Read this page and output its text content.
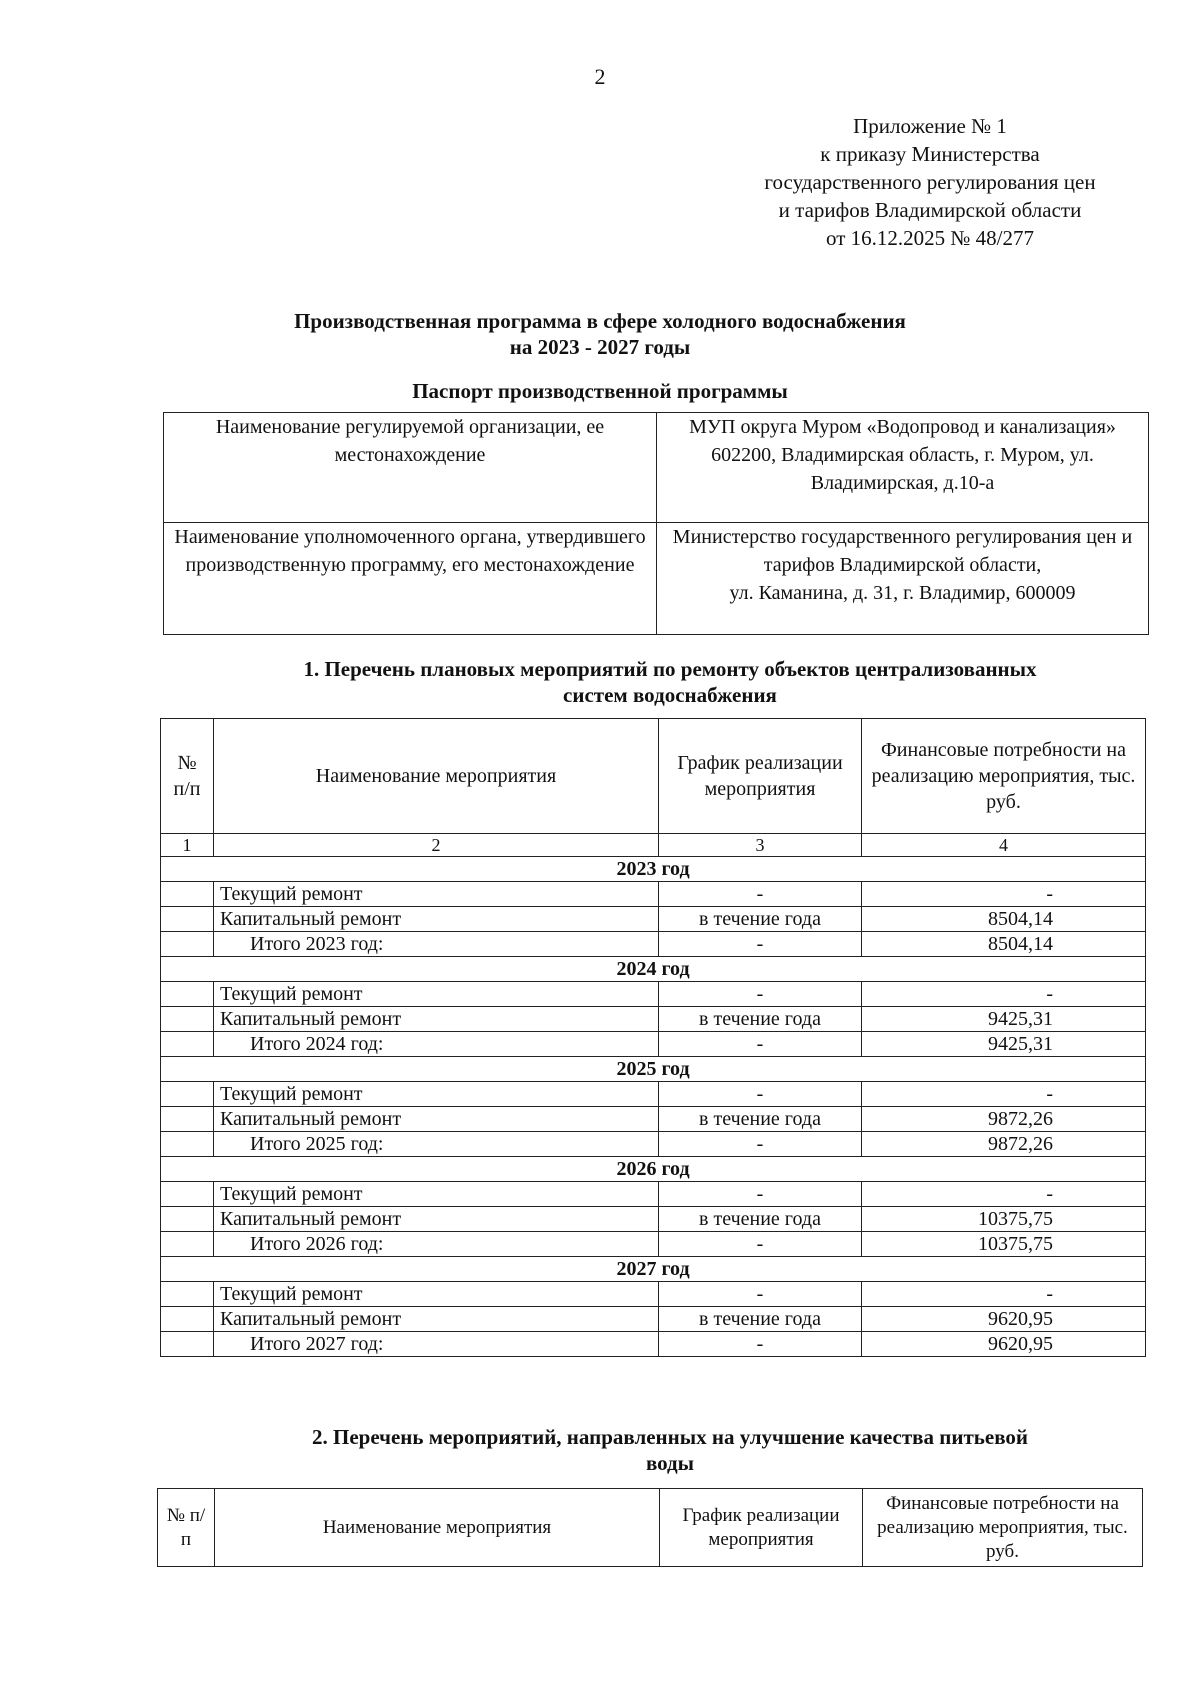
2
Приложение № 1
к приказу Министерства
государственного регулирования цен
и тарифов Владимирской области
от 16.12.2025 № 48/277
Производственная программа в сфере холодного водоснабжения
на 2023 - 2027 годы
Паспорт производственной программы
Наименование регулируемой организации, ее местонахождение	МУП округа Муром «Водопровод и канализация»
602200, Владимирская область, г. Муром, ул. Владимирская, д.10-а

Наименование уполномоченного органа, утвердившего производственную программу, его местонахождение	Министерство государственного регулирования цен и тарифов Владимирской области,
ул. Каманина, д. 31, г. Владимир, 600009
1. Перечень плановых мероприятий по ремонту объектов централизованных
систем водоснабжения
№ п/п	Наименование мероприятия	График реализации мероприятия	Финансовые потребности на реализацию мероприятия, тыс. руб.
1	2	3	4
2023 год			
	Текущий ремонт	-	-
	Капитальный ремонт	в течение года	8504,14
	Итого 2023 год:	-	8504,14
2024 год			
	Текущий ремонт	-	-
	Капитальный ремонт	в течение года	9425,31
	Итого 2024 год:	-	9425,31
2025 год			
	Текущий ремонт	-	-
	Капитальный ремонт	в течение года	9872,26
	Итого 2025 год:	-	9872,26
2026 год			
	Текущий ремонт	-	-
	Капитальный ремонт	в течение года	10375,75
	Итого 2026 год:	-	10375,75
2027 год			
	Текущий ремонт	-	-
	Капитальный ремонт	в течение года	9620,95
	Итого 2027 год:	-	9620,95
№ п/п	Наименование мероприятия	График реализации мероприятия	Финансовые потребности на реализацию мероприятия, тыс. руб.
2. Перечень мероприятий, направленных на улучшение качества питьевой
воды
